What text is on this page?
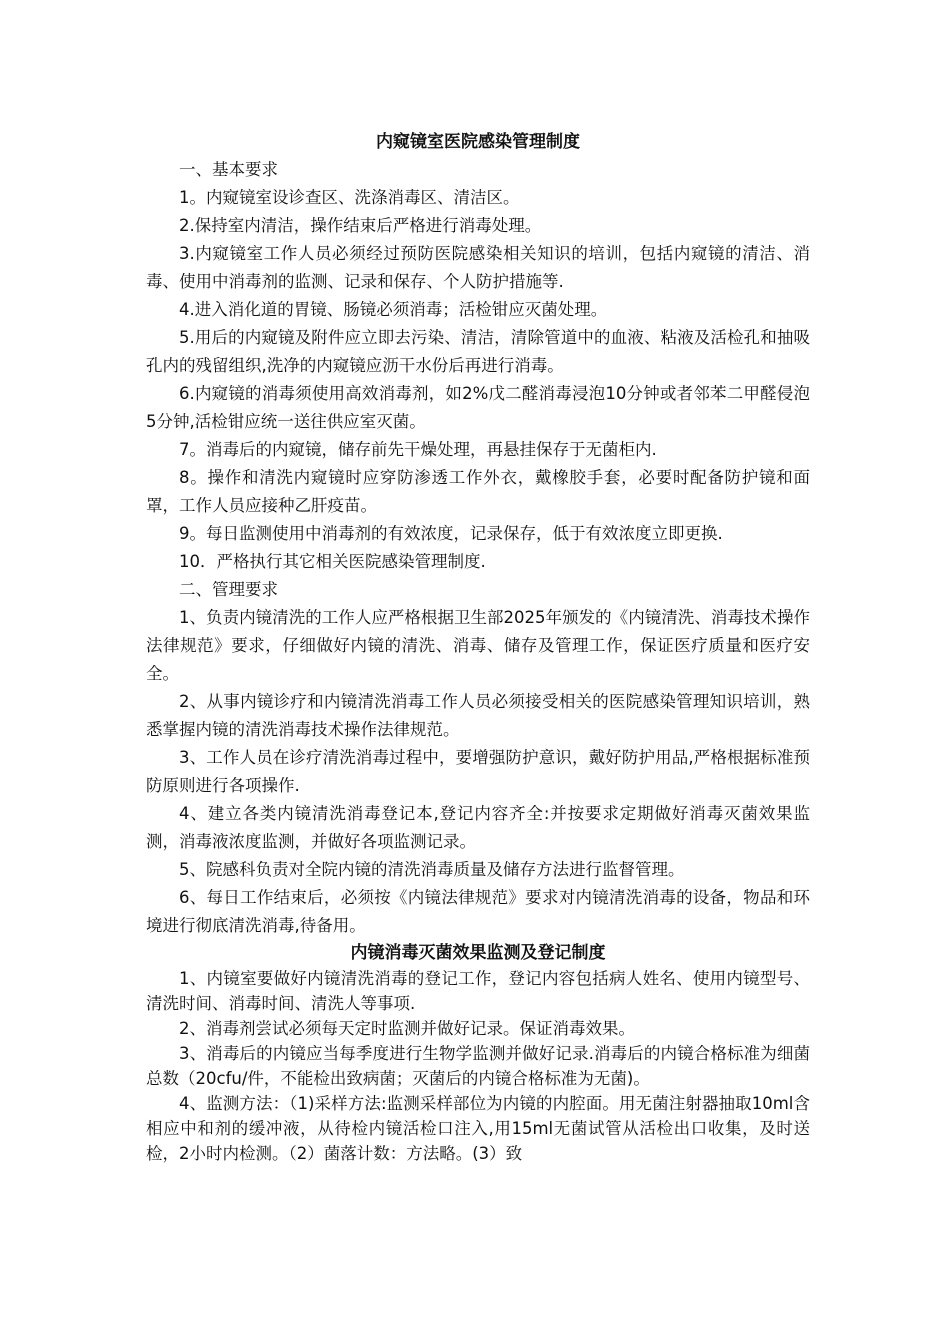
内窥镜室医院感染管理制度

一、基本要求

1。内窥镜室设诊查区、洗涤消毒区、清洁区。

2.保持室内清洁，操作结束后严格进行消毒处理。

3.内窥镜室工作人员必须经过预防医院感染相关知识的培训，包括内窥镜的清洁、消毒、使用中消毒剂的监测、记录和保存、个人防护措施等.

4.进入消化道的胃镜、肠镜必须消毒；活检钳应灭菌处理。

5.用后的内窥镜及附件应立即去污染、清洁，清除管道中的血液、粘液及活检孔和抽吸孔内的残留组织,洗净的内窥镜应沥干水份后再进行消毒。

6.内窥镜的消毒须使用高效消毒剂，如2%戊二醛消毒浸泡10分钟或者邻苯二甲醛侵泡5分钟,活检钳应统一送往供应室灭菌。

7。消毒后的内窥镜，储存前先干燥处理，再悬挂保存于无菌柜内.

8。操作和清洗内窥镜时应穿防渗透工作外衣，戴橡胶手套，必要时配备防护镜和面罩，工作人员应接种乙肝疫苗。

9。每日监测使用中消毒剂的有效浓度，记录保存，低于有效浓度立即更换.

10．严格执行其它相关医院感染管理制度.

二、管理要求

1、负责内镜清洗的工作人应严格根据卫生部2025年颁发的《内镜清洗、消毒技术操作法律规范》要求，仔细做好内镜的清洗、消毒、储存及管理工作，保证医疗质量和医疗安全。

2、从事内镜诊疗和内镜清洗消毒工作人员必须接受相关的医院感染管理知识培训，熟悉掌握内镜的清洗消毒技术操作法律规范。

3、工作人员在诊疗清洗消毒过程中，要增强防护意识，戴好防护用品,严格根据标准预防原则进行各项操作.

4、建立各类内镜清洗消毒登记本,登记内容齐全:并按要求定期做好消毒灭菌效果监测，消毒液浓度监测，并做好各项监测记录。

5、院感科负责对全院内镜的清洗消毒质量及储存方法进行监督管理。

6、每日工作结束后，必须按《内镜法律规范》要求对内镜清洗消毒的设备，物品和环境进行彻底清洗消毒,待备用。

内镜消毒灭菌效果监测及登记制度

1、内镜室要做好内镜清洗消毒的登记工作，登记内容包括病人姓名、使用内镜型号、清洗时间、消毒时间、清洗人等事项.

2、消毒剂尝试必须每天定时监测并做好记录。保证消毒效果。

3、消毒后的内镜应当每季度进行生物学监测并做好记录.消毒后的内镜合格标准为细菌总数（20cfu/件，不能检出致病菌；灭菌后的内镜合格标准为无菌)。

4、监测方法：（1)采样方法:监测采样部位为内镜的内腔面。用无菌注射器抽取10ml含相应中和剂的缓冲液，从待检内镜活检口注入,用15ml无菌试管从活检出口收集，及时送检，2小时内检测。（2）菌落计数：方法略。(3）致
